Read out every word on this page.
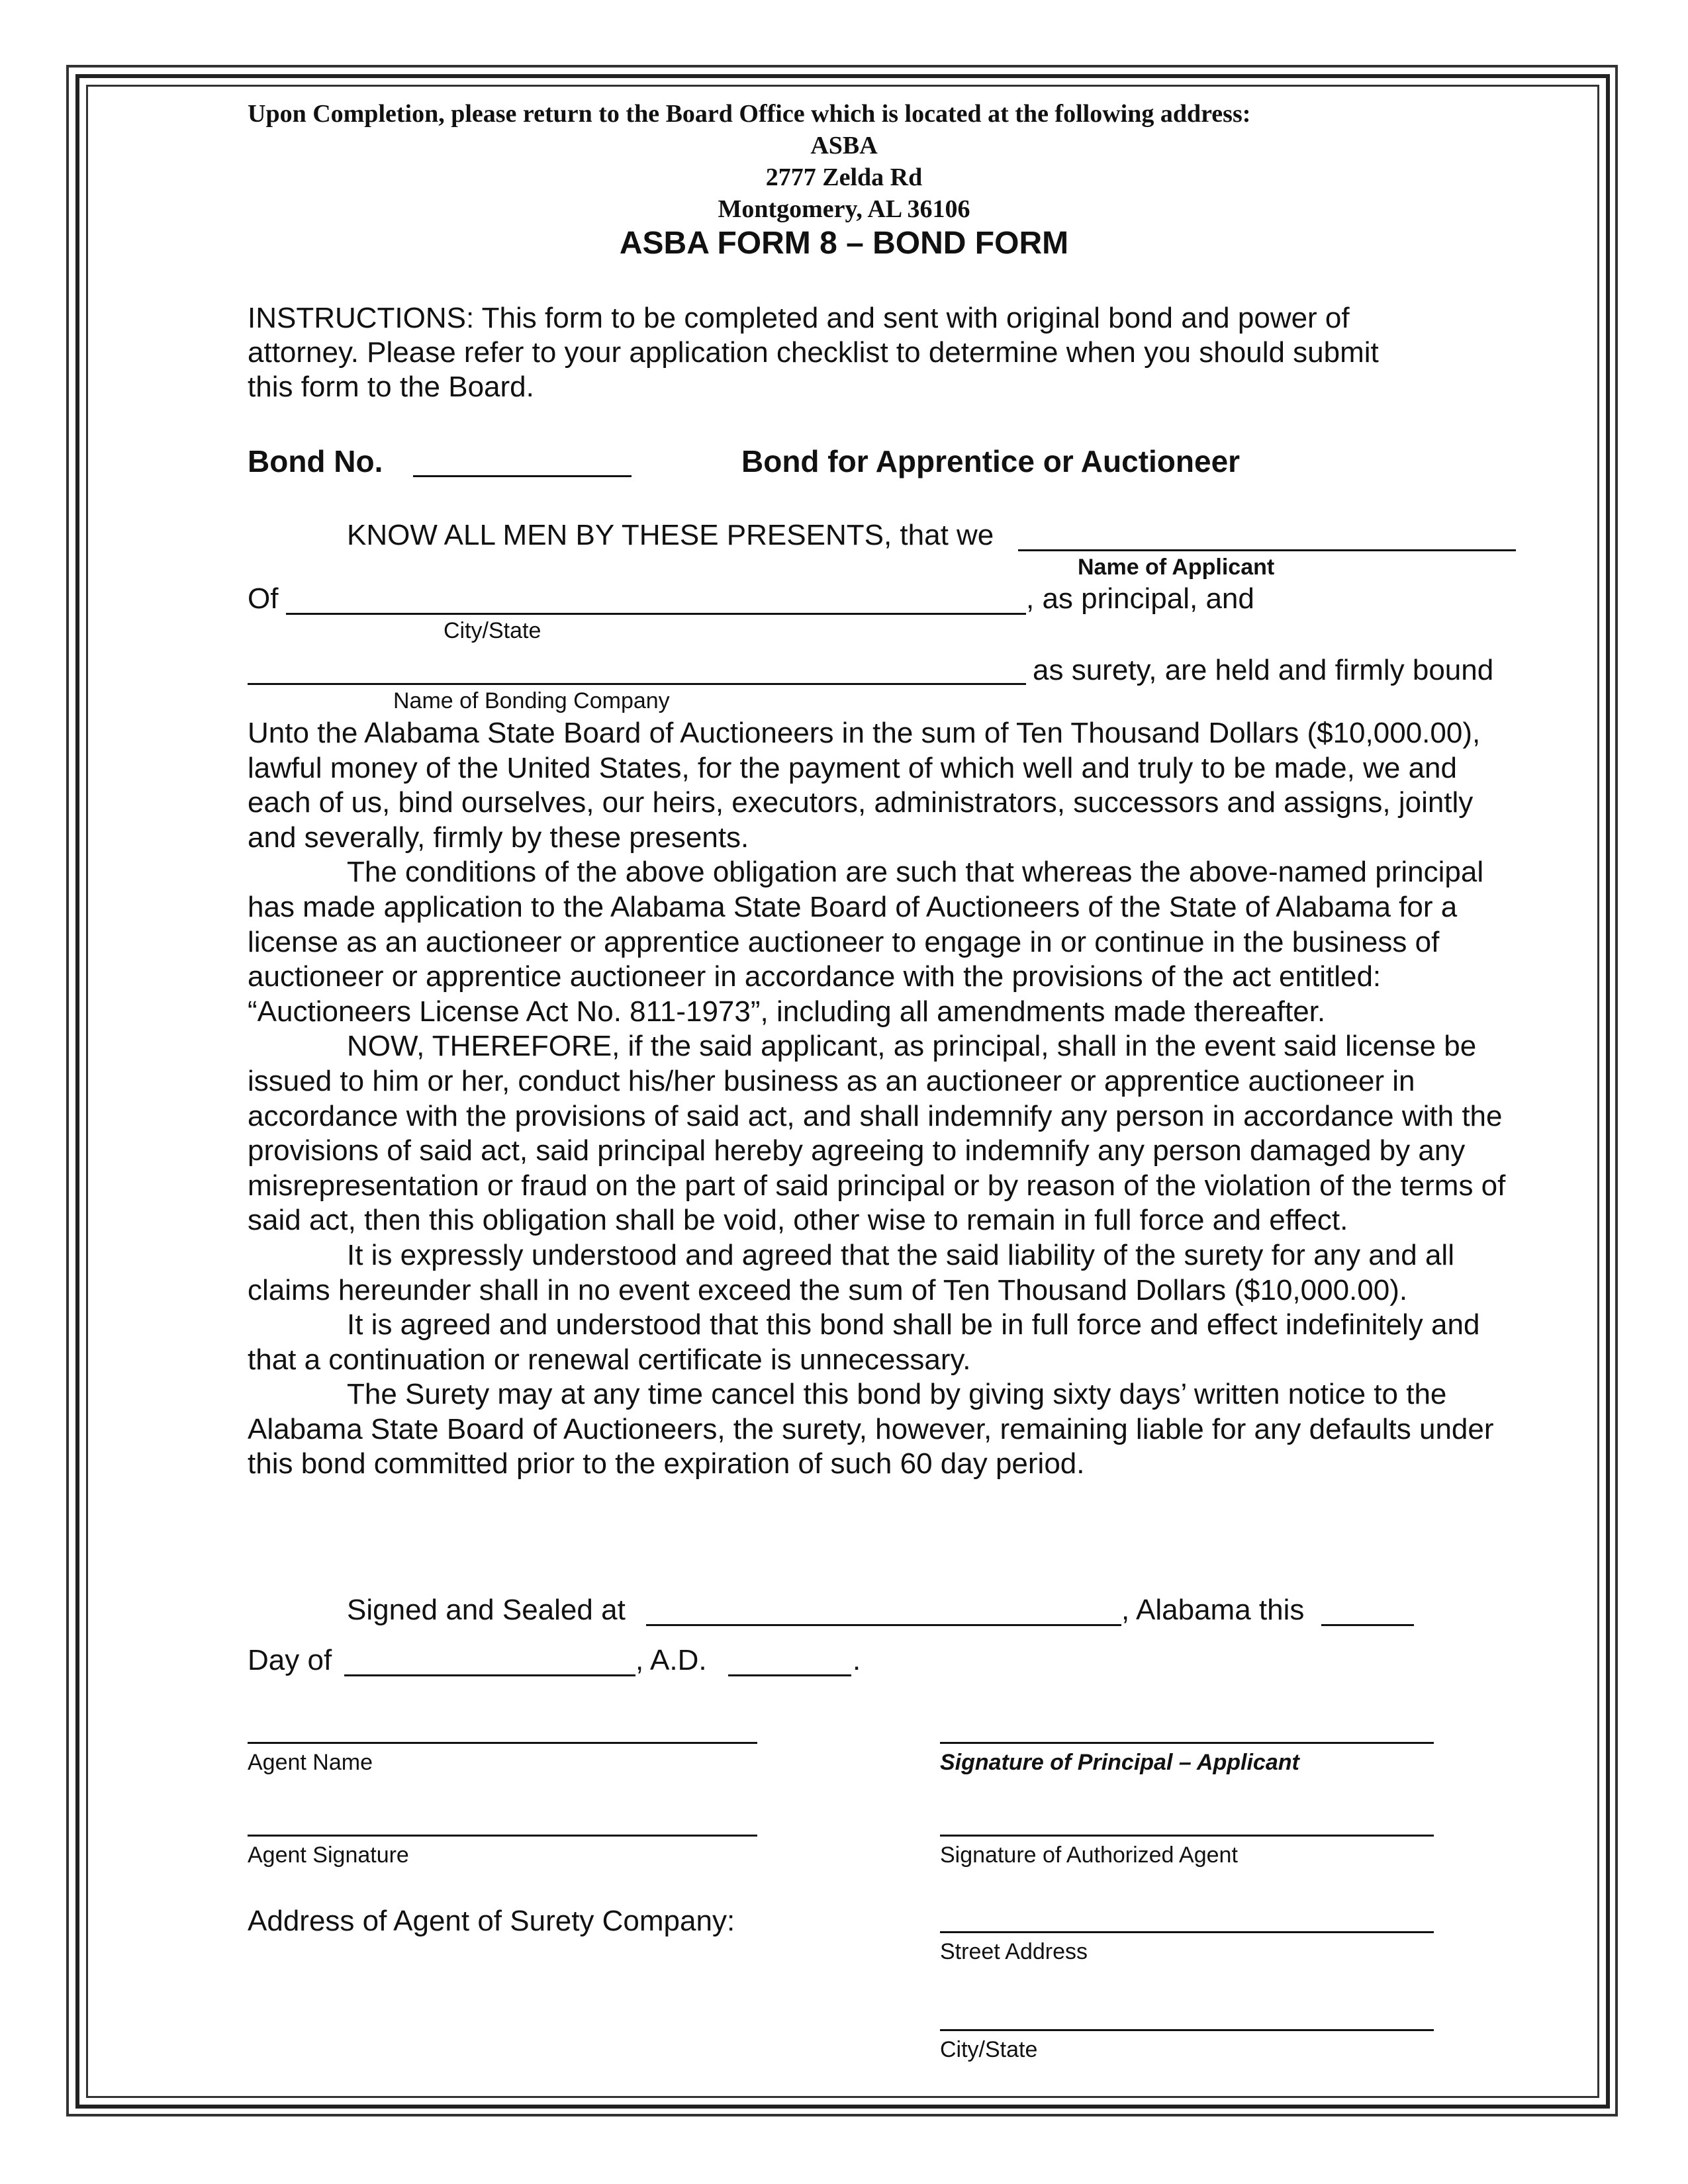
Upon Completion, please return to the Board Office which is located at the following address:
ASBA
2777 Zelda Rd
Montgomery, AL 36106
ASBA FORM 8 – BOND FORM
INSTRUCTIONS: This form to be completed and sent with original bond and power of
attorney. Please refer to your application checklist to determine when you should submit
this form to the Board.
Bond No.	Bond for Apprentice or Auctioneer
KNOW ALL MEN BY THESE PRESENTS, that we
Name of Applicant
Of	, as principal, and
City/State
as surety, are held and firmly bound
Name of Bonding Company

Unto the Alabama State Board of Auctioneers in the sum of Ten Thousand Dollars ($10,000.00), lawful money of the United States, for the payment of which well and truly to be made, we and each of us, bind ourselves, our heirs, executors, administrators, successors and assigns, jointly and severally, firmly by these presents.

The conditions of the above obligation are such that whereas the above-named principal has made application to the Alabama State Board of Auctioneers of the State of Alabama for a license as an auctioneer or apprentice auctioneer to engage in or continue in the business of auctioneer or apprentice auctioneer in accordance with the provisions of the act entitled: “Auctioneers License Act No. 811-1973”, including all amendments made thereafter.

NOW, THEREFORE, if the said applicant, as principal, shall in the event said license be issued to him or her, conduct his/her business as an auctioneer or apprentice auctioneer in accordance with the provisions of said act, and shall indemnify any person in accordance with the provisions of said act, said principal hereby agreeing to indemnify any person damaged by any misrepresentation or fraud on the part of said principal or by reason of the violation of the terms of said act, then this obligation shall be void, other wise to remain in full force and effect.

It is expressly understood and agreed that the said liability of the surety for any and all claims hereunder shall in no event exceed the sum of Ten Thousand Dollars ($10,000.00).

It is agreed and understood that this bond shall be in full force and effect indefinitely and that a continuation or renewal certificate is unnecessary.

The Surety may at any time cancel this bond by giving sixty days’ written notice to the Alabama State Board of Auctioneers, the surety, however, remaining liable for any defaults under this bond committed prior to the expiration of such 60 day period.

Signed and Sealed at	, Alabama this
Day of	, A.D.	.
Agent Name	Signature of Principal – Applicant
Agent Signature	Signature of Authorized Agent
Address of Agent of Surety Company:
Street Address
City/State
